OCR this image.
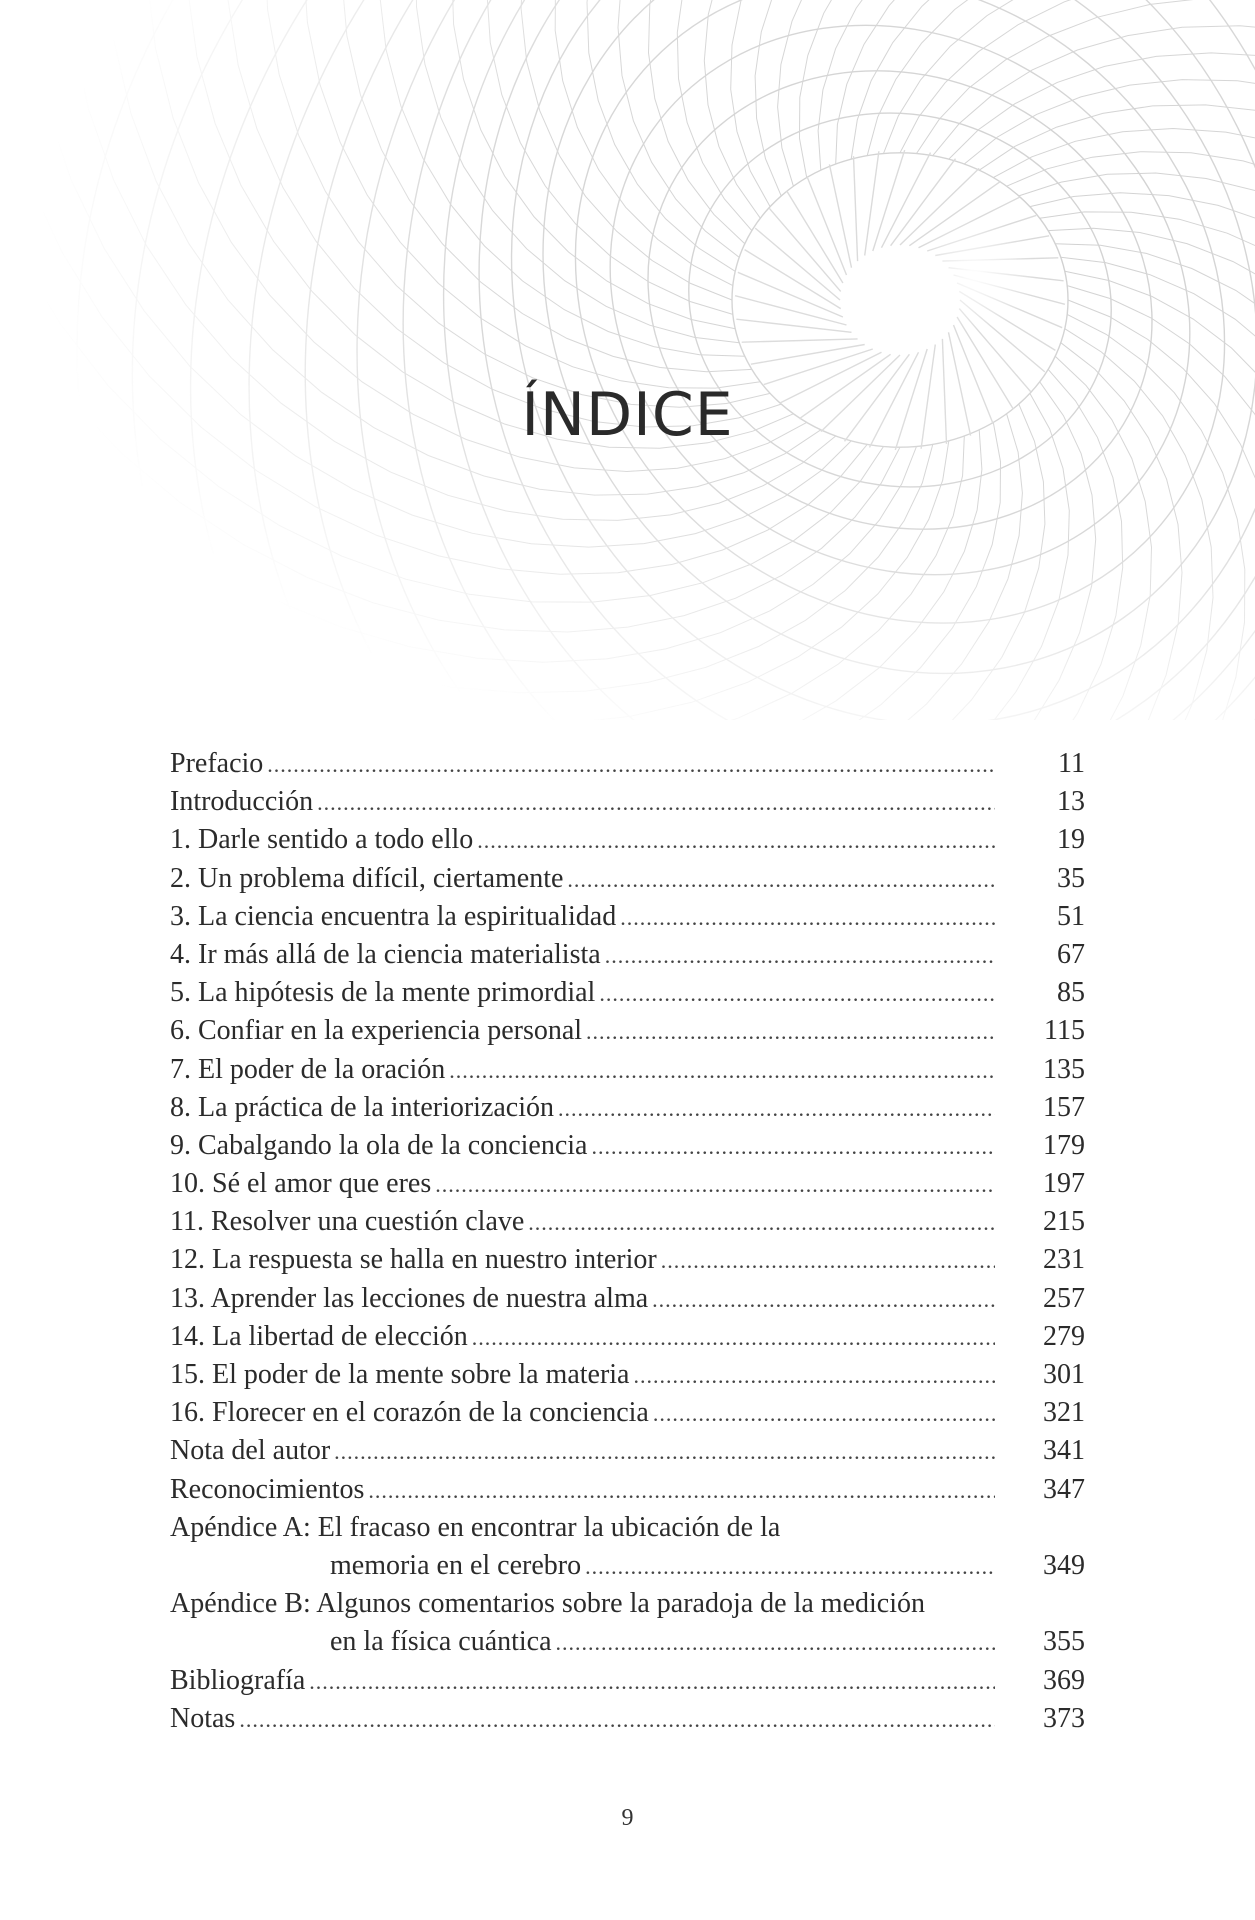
ÍNDICE
Prefacio .....	11
Introducción .....	13
1. Darle sentido a todo ello .....	19
2. Un problema difícil, ciertamente .....	35
3. La ciencia encuentra la espiritualidad .....	51
4. Ir más allá de la ciencia materialista .....	67
5. La hipótesis de la mente primordial .....	85
6. Confiar en la experiencia personal .....	115
7. El poder de la oración .....	135
8. La práctica de la interiorización .....	157
9. Cabalgando la ola de la conciencia .....	179
10. Sé el amor que eres .....	197
11. Resolver una cuestión clave .....	215
12. La respuesta se halla en nuestro interior .....	231
13. Aprender las lecciones de nuestra alma .....	257
14. La libertad de elección .....	279
15. El poder de la mente sobre la materia .....	301
16. Florecer en el corazón de la conciencia .....	321
Nota del autor .....	341
Reconocimientos .....	347
Apéndice A: El fracaso en encontrar la ubicación de la
memoria en el cerebro .....	349
Apéndice B: Algunos comentarios sobre la paradoja de la medición
en la física cuántica .....	355
Bibliografía .....	369
Notas .....	373
9
